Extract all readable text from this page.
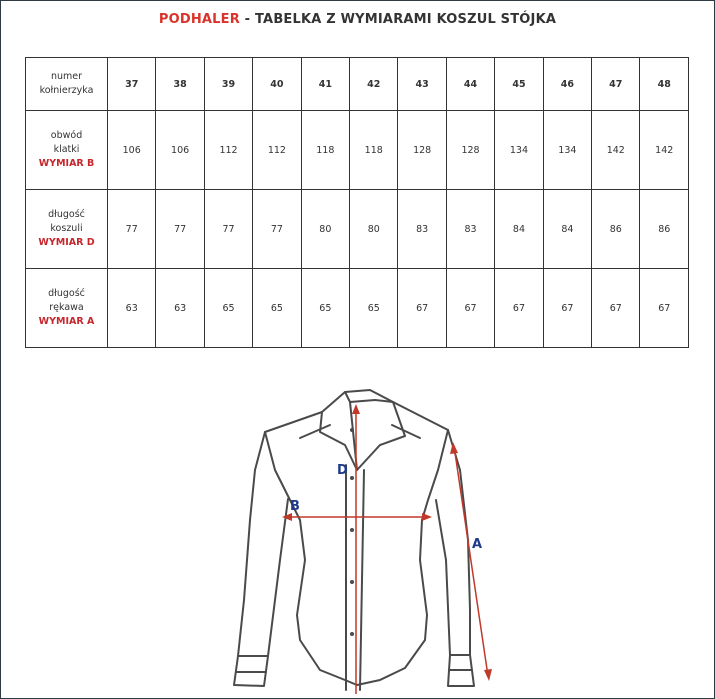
PODHALER - TABELKA Z WYMIARAMI KOSZUL STÓJKA
numer
kołnierzyka	37	38	39	40	41	42	43	44	45	46	47	48

obwód
klatki
WYMIAR B	106	106	112	112	118	118	128	128	134	134	142	142

długość
koszuli
WYMIAR D	77	77	77	77	80	80	83	83	84	84	86	86

długość
rękawa
WYMIAR A	63	63	65	65	65	65	67	67	67	67	67	67
D
B
A
